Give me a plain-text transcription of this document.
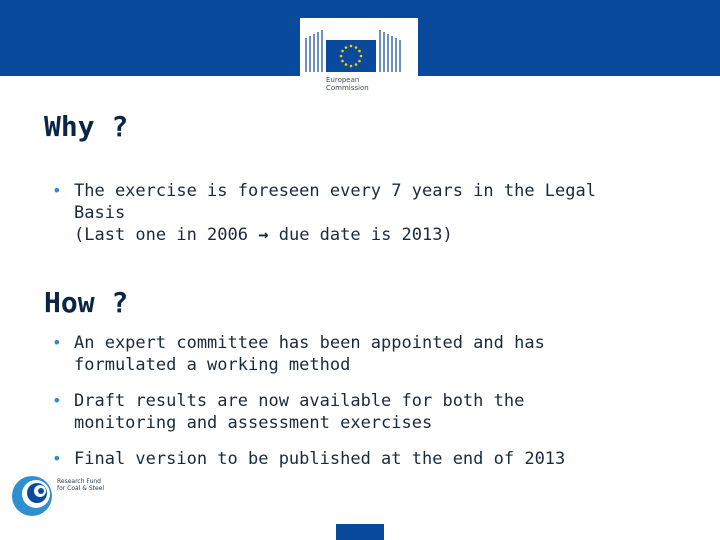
European
Commission
Why ?
• The exercise is foreseen every 7 years in the Legal
Basis
(Last one in 2006 → due date is 2013)
How ?
• An expert committee has been appointed and has
formulated a working method
• Draft results are now available for both the
monitoring and assessment exercises
• Final version to be published at the end of 2013
Research Fund
for Coal & Steel
